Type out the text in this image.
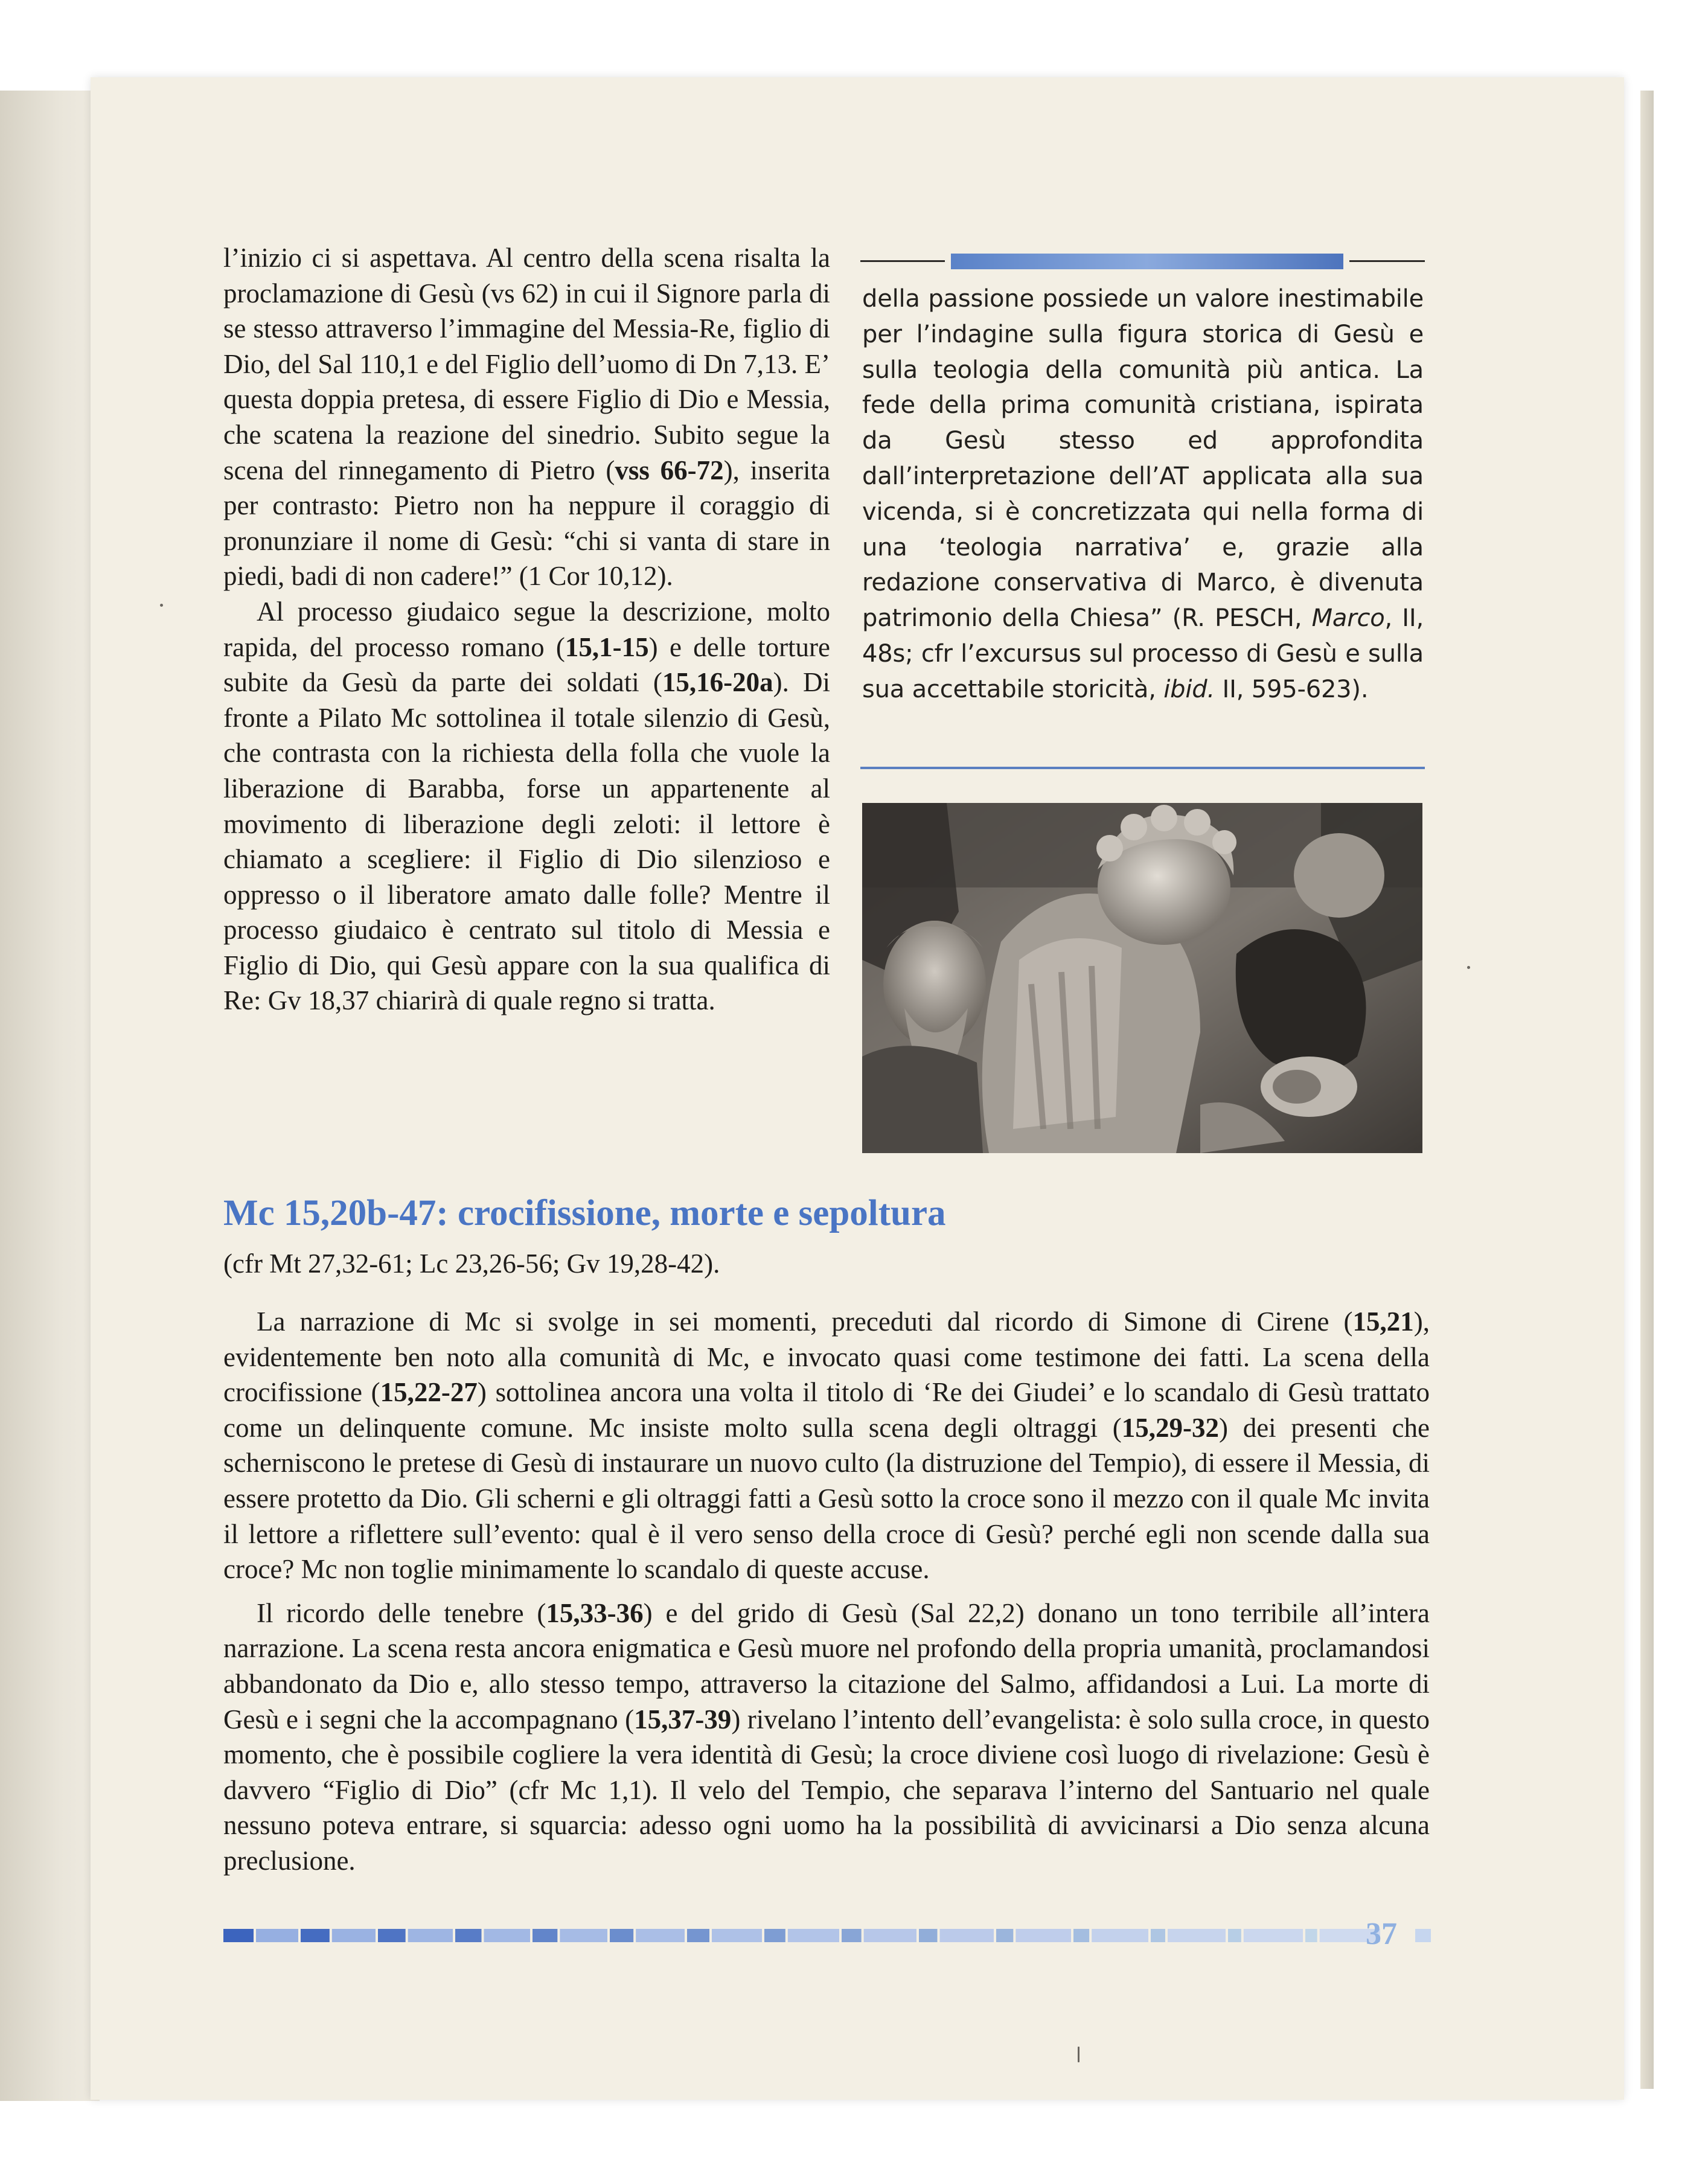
l’inizio ci si aspettava. Al centro della scena risalta la proclamazione di Gesù (vs 62) in cui il Signore parla di se stesso attraverso l’immagine del Messia-Re, figlio di Dio, del Sal 110,1 e del Figlio dell’uomo di Dn 7,13. E’ questa doppia pretesa, di essere Figlio di Dio e Messia, che scatena la reazione del sinedrio. Subito segue la scena del rinnegamento di Pietro (vss 66-72), inserita per contrasto: Pietro non ha neppure il coraggio di pronunziare il nome di Gesù: “chi si vanta di stare in piedi, badi di non cadere!” (1 Cor 10,12).

Al processo giudaico segue la descrizione, molto rapida, del processo romano (15,1-15) e delle torture subite da Gesù da parte dei soldati (15,16-20a). Di fronte a Pilato Mc sottolinea il totale silenzio di Gesù, che contrasta con la richiesta della folla che vuole la liberazione di Barabba, forse un appartenente al movimento di liberazione degli zeloti: il lettore è chiamato a scegliere: il Figlio di Dio silenzioso e oppresso o il liberatore amato dalle folle? Mentre il processo giudaico è centrato sul titolo di Messia e Figlio di Dio, qui Gesù appare con la sua qualifica di Re: Gv 18,37 chiarirà di quale regno si tratta.

della passione possiede un valore inestimabile per l’indagine sulla figura storica di Gesù e sulla teologia della comunità più antica. La fede della prima comunità cristiana, ispirata da Gesù stesso ed approfondita dall’interpretazione dell’AT applicata alla sua vicenda, si è concretizzata qui nella forma di una ‘teologia narrativa’ e, grazie alla redazione conservativa di Marco, è divenuta patrimonio della Chiesa” (R. PESCH, Marco, II, 48s; cfr l’excursus sul processo di Gesù e sulla sua accettabile storicità, ibid. II, 595-623).

Mc 15,20b-47: crocifissione, morte e sepoltura
(cfr Mt 27,32-61; Lc 23,26-56; Gv 19,28-42).

La narrazione di Mc si svolge in sei momenti, preceduti dal ricordo di Simone di Cirene (15,21), evidentemente ben noto alla comunità di Mc, e invocato quasi come testimone dei fatti. La scena della crocifissione (15,22-27) sottolinea ancora una volta il titolo di ‘Re dei Giudei’ e lo scandalo di Gesù trattato come un delinquente comune. Mc insiste molto sulla scena degli oltraggi (15,29-32) dei presenti che scherniscono le pretese di Gesù di instaurare un nuovo culto (la distruzione del Tempio), di essere il Messia, di essere protetto da Dio. Gli scherni e gli oltraggi fatti a Gesù sotto la croce sono il mezzo con il quale Mc invita il lettore a riflettere sull’evento: qual è il vero senso della croce di Gesù? perché egli non scende dalla sua croce? Mc non toglie minimamente lo scandalo di queste accuse.

Il ricordo delle tenebre (15,33-36) e del grido di Gesù (Sal 22,2) donano un tono terribile all’intera narrazione. La scena resta ancora enigmatica e Gesù muore nel profondo della propria umanità, proclamandosi abbandonato da Dio e, allo stesso tempo, attraverso la citazione del Salmo, affidandosi a Lui. La morte di Gesù e i segni che la accompagnano (15,37-39) rivelano l’intento dell’evangelista: è solo sulla croce, in questo momento, che è possibile cogliere la vera identità di Gesù; la croce diviene così luogo di rivelazione: Gesù è davvero “Figlio di Dio” (cfr Mc 1,1). Il velo del Tempio, che separava l’interno del Santuario nel quale nessuno poteva entrare, si squarcia: adesso ogni uomo ha la possibilità di avvicinarsi a Dio senza alcuna preclusione.

37
